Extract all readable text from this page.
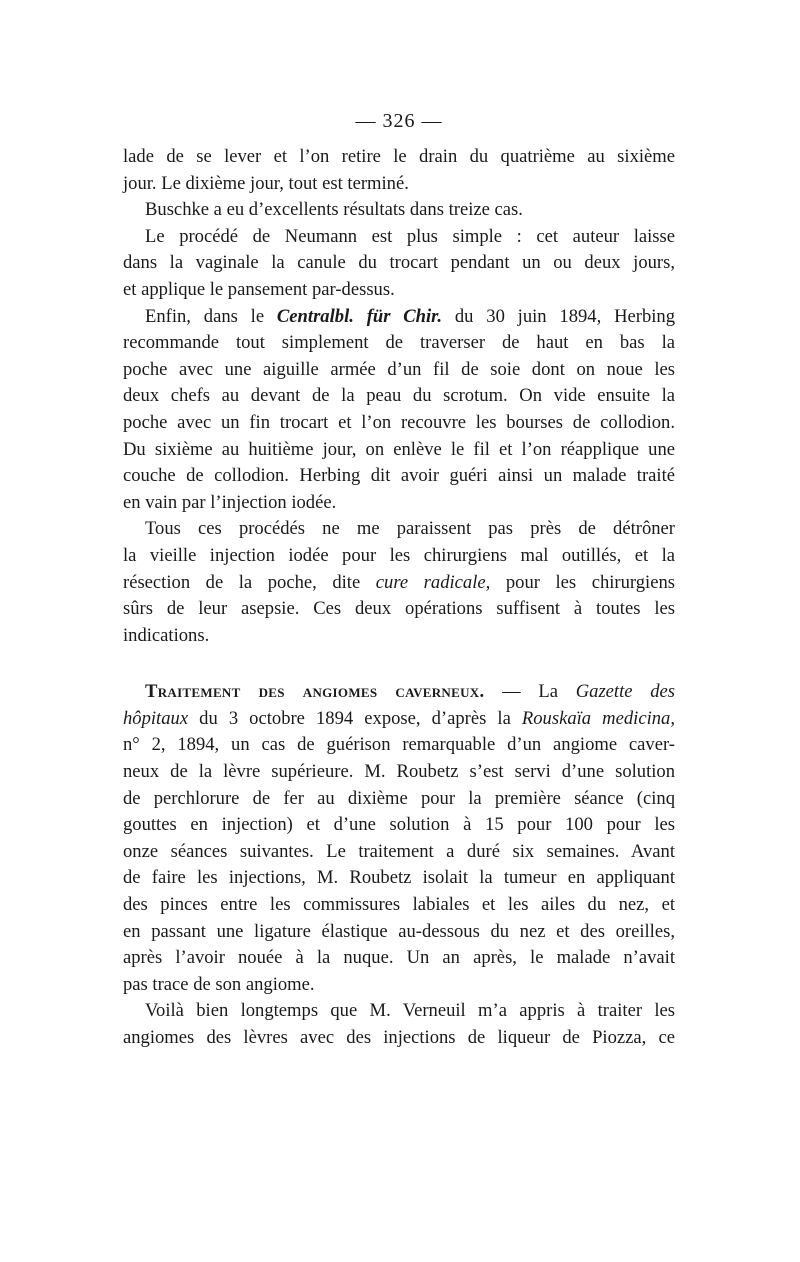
— 326 —

lade de se lever et l’on retire le drain du quatrième au sixième
jour. Le dixième jour, tout est terminé.

Buschke a eu d’excellents résultats dans treize cas.

Le procédé de Neumann est plus simple : cet auteur laisse
dans la vaginale la canule du trocart pendant un ou deux jours,
et applique le pansement par-dessus.

Enfin, dans le Centralbl. für Chir. du 30 juin 1894, Herbing
recommande tout simplement de traverser de haut en bas la
poche avec une aiguille armée d’un fil de soie dont on noue les
deux chefs au devant de la peau du scrotum. On vide ensuite la
poche avec un fin trocart et l’on recouvre les bourses de collodion.
Du sixième au huitième jour, on enlève le fil et l’on réapplique une
couche de collodion. Herbing dit avoir guéri ainsi un malade traité
en vain par l’injection iodée.

Tous ces procédés ne me paraissent pas près de détrôner
la vieille injection iodée pour les chirurgiens mal outillés, et la
résection de la poche, dite cure radicale, pour les chirurgiens
sûrs de leur asepsie. Ces deux opérations suffisent à toutes les
indications.

Traitement des angiomes caverneux. — La Gazette des
hôpitaux du 3 octobre 1894 expose, d’après la Rouskaïa medicina,
n° 2, 1894, un cas de guérison remarquable d’un angiome caver-
neux de la lèvre supérieure. M. Roubetz s’est servi d’une solution
de perchlorure de fer au dixième pour la première séance (cinq
gouttes en injection) et d’une solution à 15 pour 100 pour les
onze séances suivantes. Le traitement a duré six semaines. Avant
de faire les injections, M. Roubetz isolait la tumeur en appliquant
des pinces entre les commissures labiales et les ailes du nez, et
en passant une ligature élastique au-dessous du nez et des oreilles,
après l’avoir nouée à la nuque. Un an après, le malade n’avait
pas trace de son angiome.

Voilà bien longtemps que M. Verneuil m’a appris à traiter les
angiomes des lèvres avec des injections de liqueur de Piozza, ce
